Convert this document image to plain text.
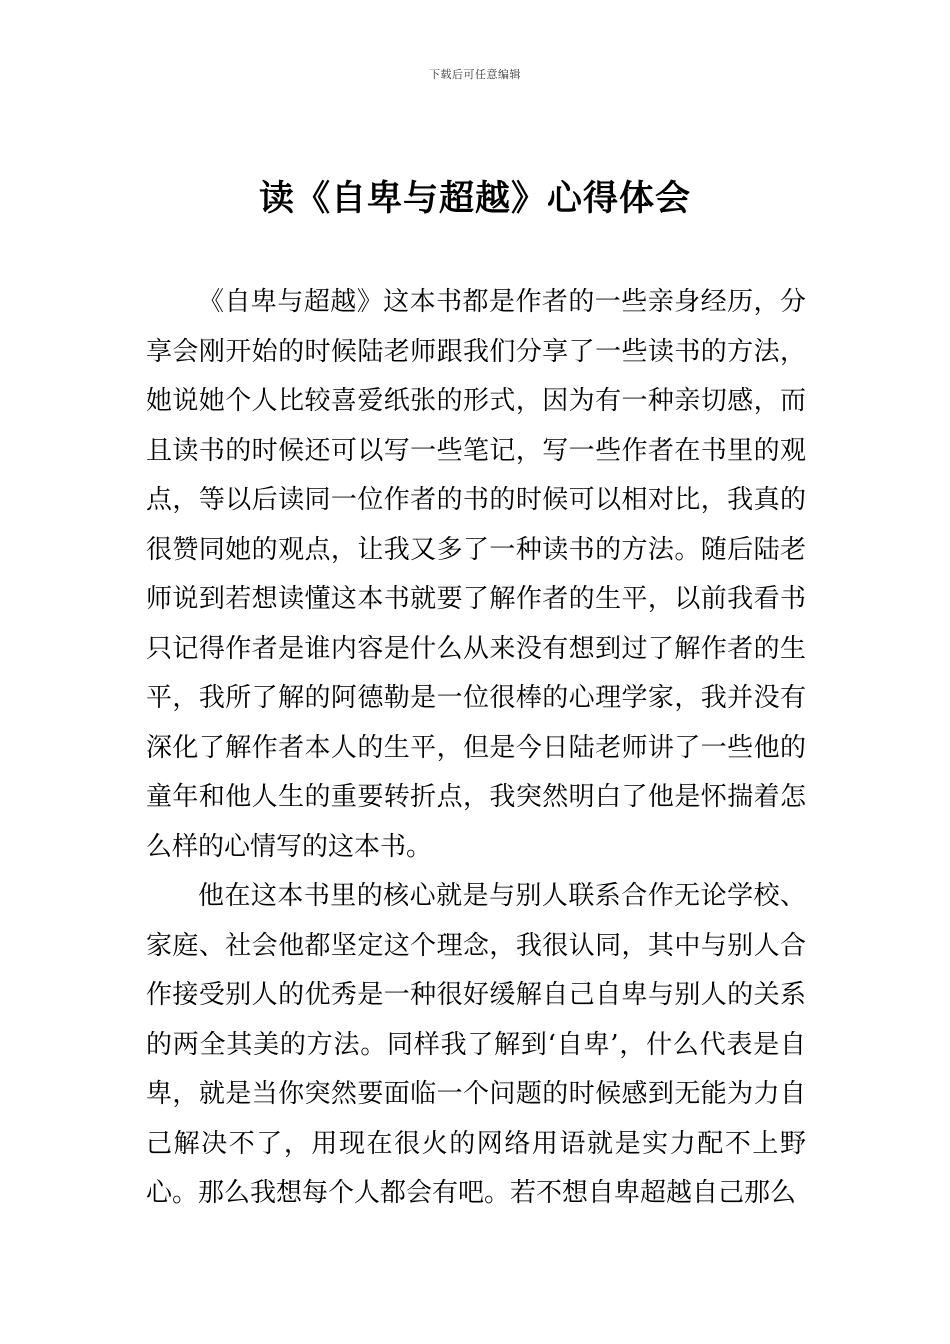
下载后可任意编辑
读《自卑与超越》心得体会

《自卑与超越》这本书都是作者的一些亲身经历，分享会刚开始的时候陆老师跟我们分享了一些读书的方法，她说她个人比较喜爱纸张的形式，因为有一种亲切感，而且读书的时候还可以写一些笔记，写一些作者在书里的观点，等以后读同一位作者的书的时候可以相对比，我真的很赞同她的观点，让我又多了一种读书的方法。随后陆老师说到若想读懂这本书就要了解作者的生平，以前我看书只记得作者是谁内容是什么从来没有想到过了解作者的生平，我所了解的阿德勒是一位很棒的心理学家，我并没有深化了解作者本人的生平，但是今日陆老师讲了一些他的童年和他人生的重要转折点，我突然明白了他是怀揣着怎么样的心情写的这本书。

他在这本书里的核心就是与别人联系合作无论学校、家庭、社会他都坚定这个理念，我很认同，其中与别人合作接受别人的优秀是一种很好缓解自己自卑与别人的关系的两全其美的方法。同样我了解到‘自卑’，什么代表是自卑，就是当你突然要面临一个问题的时候感到无能为力自己解决不了，用现在很火的网络用语就是实力配不上野心。那么我想每个人都会有吧。若不想自卑超越自己那么
